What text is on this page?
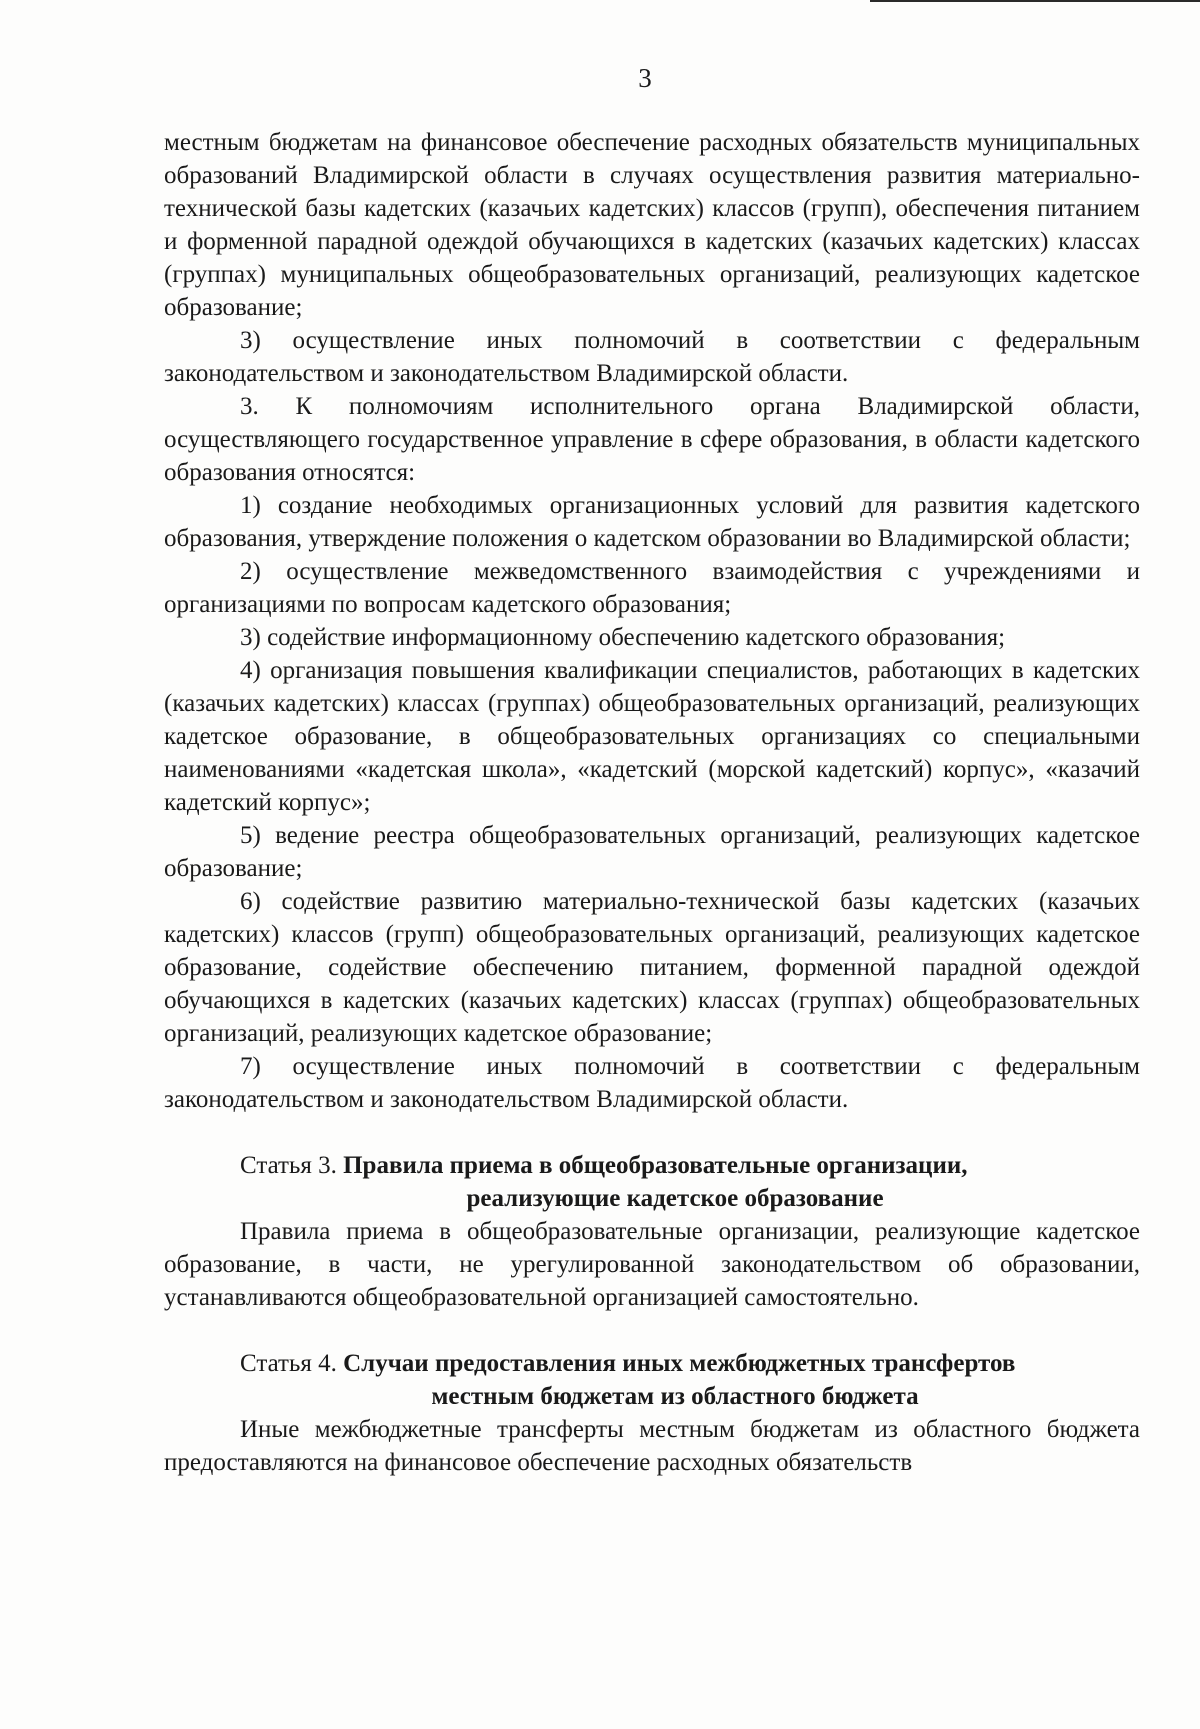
3

местным бюджетам на финансовое обеспечение расходных обязательств муниципальных образований Владимирской области в случаях осуществления развития материально-технической базы кадетских (казачьих кадетских) классов (групп), обеспечения питанием и форменной парадной одеждой обучающихся в кадетских (казачьих кадетских) классах (группах) муниципальных общеобразовательных организаций, реализующих кадетское образование;

3) осуществление иных полномочий в соответствии с федеральным законодательством и законодательством Владимирской области.

3. К полномочиям исполнительного органа Владимирской области, осуществляющего государственное управление в сфере образования, в области кадетского образования относятся:

1) создание необходимых организационных условий для развития кадетского образования, утверждение положения о кадетском образовании во Владимирской области;

2) осуществление межведомственного взаимодействия с учреждениями и организациями по вопросам кадетского образования;

3) содействие информационному обеспечению кадетского образования;

4) организация повышения квалификации специалистов, работающих в кадетских (казачьих кадетских) классах (группах) общеобразовательных организаций, реализующих кадетское образование, в общеобразовательных организациях со специальными наименованиями «кадетская школа», «кадетский (морской кадетский) корпус», «казачий кадетский корпус»;

5) ведение реестра общеобразовательных организаций, реализующих кадетское образование;

6) содействие развитию материально-технической базы кадетских (казачьих кадетских) классов (групп) общеобразовательных организаций, реализующих кадетское образование, содействие обеспечению питанием, форменной парадной одеждой обучающихся в кадетских (казачьих кадетских) классах (группах) общеобразовательных организаций, реализующих кадетское образование;

7) осуществление иных полномочий в соответствии с федеральным законодательством и законодательством Владимирской области.

Статья 3. Правила приема в общеобразовательные организации,
реализующие кадетское образование

Правила приема в общеобразовательные организации, реализующие кадетское образование, в части, не урегулированной законодательством об образовании, устанавливаются общеобразовательной организацией самостоятельно.

Статья 4. Случаи предоставления иных межбюджетных трансфертов
местным бюджетам из областного бюджета

Иные межбюджетные трансферты местным бюджетам из областного бюджета предоставляются на финансовое обеспечение расходных обязательств
